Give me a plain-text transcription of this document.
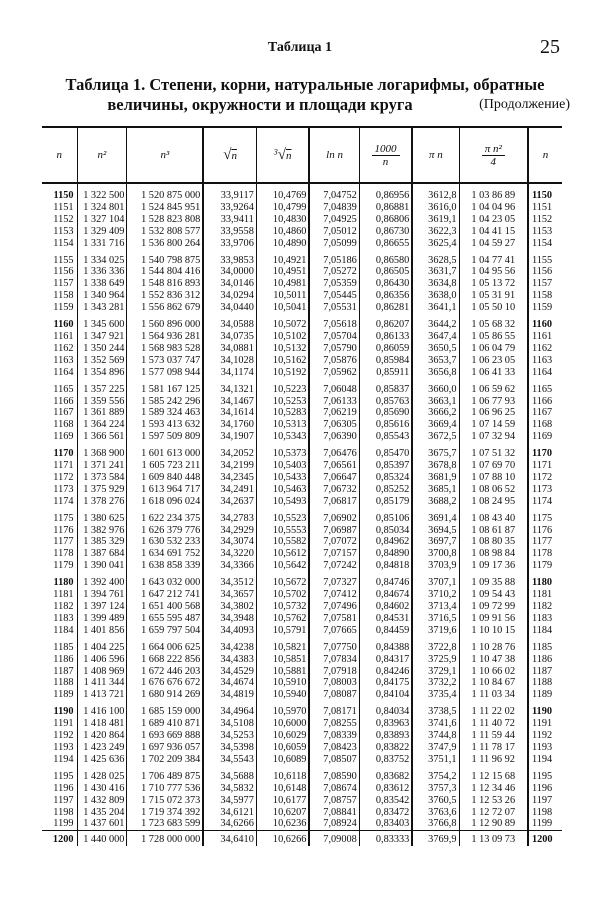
Таблица 1	25
Таблица 1. Степени, корни, натуральные логарифмы, обратные
величины, окружности и площади круга	(Продолжение)
n	n²	n³	√n	$^3$√n	ln n	$\frac{1000}{n}$	π n	$\frac{\text{π n²}}{4}$	n
1150	1 322 500	1 520 875 000	33,9117	10,4769	7,04752	0,86956	3612,8	1 03 86 89	1150
1151	1 324 801	1 524 845 951	33,9264	10,4799	7,04839	0,86881	3616,0	1 04 04 96	1151
1152	1 327 104	1 528 823 808	33,9411	10,4830	7,04925	0,86806	3619,1	1 04 23 05	1152
1153	1 329 409	1 532 808 577	33,9558	10,4860	7,05012	0,86730	3622,3	1 04 41 15	1153
1154	1 331 716	1 536 800 264	33,9706	10,4890	7,05099	0,86655	3625,4	1 04 59 27	1154
1155	1 334 025	1 540 798 875	33,9853	10,4921	7,05186	0,86580	3628,5	1 04 77 41	1155
1156	1 336 336	1 544 804 416	34,0000	10,4951	7,05272	0,86505	3631,7	1 04 95 56	1156
1157	1 338 649	1 548 816 893	34,0146	10,4981	7,05359	0,86430	3634,8	1 05 13 72	1157
1158	1 340 964	1 552 836 312	34,0294	10,5011	7,05445	0,86356	3638,0	1 05 31 91	1158
1159	1 343 281	1 556 862 679	34,0440	10,5041	7,05531	0,86281	3641,1	1 05 50 10	1159
1160	1 345 600	1 560 896 000	34,0588	10,5072	7,05618	0,86207	3644,2	1 05 68 32	1160
1161	1 347 921	1 564 936 281	34,0735	10,5102	7,05704	0,86133	3647,4	1 05 86 55	1161
1162	1 350 244	1 568 983 528	34,0881	10,5132	7,05790	0,86059	3650,5	1 06 04 79	1162
1163	1 352 569	1 573 037 747	34,1028	10,5162	7,05876	0,85984	3653,7	1 06 23 05	1163
1164	1 354 896	1 577 098 944	34,1174	10,5192	7,05962	0,85911	3656,8	1 06 41 33	1164
1165	1 357 225	1 581 167 125	34,1321	10,5223	7,06048	0,85837	3660,0	1 06 59 62	1165
1166	1 359 556	1 585 242 296	34,1467	10,5253	7,06133	0,85763	3663,1	1 06 77 93	1166
1167	1 361 889	1 589 324 463	34,1614	10,5283	7,06219	0,85690	3666,2	1 06 96 25	1167
1168	1 364 224	1 593 413 632	34,1760	10,5313	7,06305	0,85616	3669,4	1 07 14 59	1168
1169	1 366 561	1 597 509 809	34,1907	10,5343	7,06390	0,85543	3672,5	1 07 32 94	1169
1170	1 368 900	1 601 613 000	34,2052	10,5373	7,06476	0,85470	3675,7	1 07 51 32	1170
1171	1 371 241	1 605 723 211	34,2199	10,5403	7,06561	0,85397	3678,8	1 07 69 70	1171
1172	1 373 584	1 609 840 448	34,2345	10,5433	7,06647	0,85324	3681,9	1 07 88 10	1172
1173	1 375 929	1 613 964 717	34,2491	10,5463	7,06732	0,85252	3685,1	1 08 06 52	1173
1174	1 378 276	1 618 096 024	34,2637	10,5493	7,06817	0,85179	3688,2	1 08 24 95	1174
1175	1 380 625	1 622 234 375	34,2783	10,5523	7,06902	0,85106	3691,4	1 08 43 40	1175
1176	1 382 976	1 626 379 776	34,2929	10,5553	7,06987	0,85034	3694,5	1 08 61 87	1176
1177	1 385 329	1 630 532 233	34,3074	10,5582	7,07072	0,84962	3697,7	1 08 80 35	1177
1178	1 387 684	1 634 691 752	34,3220	10,5612	7,07157	0,84890	3700,8	1 08 98 84	1178
1179	1 390 041	1 638 858 339	34,3366	10,5642	7,07242	0,84818	3703,9	1 09 17 36	1179
1180	1 392 400	1 643 032 000	34,3512	10,5672	7,07327	0,84746	3707,1	1 09 35 88	1180
1181	1 394 761	1 647 212 741	34,3657	10,5702	7,07412	0,84674	3710,2	1 09 54 43	1181
1182	1 397 124	1 651 400 568	34,3802	10,5732	7,07496	0,84602	3713,4	1 09 72 99	1182
1183	1 399 489	1 655 595 487	34,3948	10,5762	7,07581	0,84531	3716,5	1 09 91 56	1183
1184	1 401 856	1 659 797 504	34,4093	10,5791	7,07665	0,84459	3719,6	1 10 10 15	1184
1185	1 404 225	1 664 006 625	34,4238	10,5821	7,07750	0,84388	3722,8	1 10 28 76	1185
1186	1 406 596	1 668 222 856	34,4383	10,5851	7,07834	0,84317	3725,9	1 10 47 38	1186
1187	1 408 969	1 672 446 203	34,4529	10,5881	7,07918	0,84246	3729,1	1 10 66 02	1187
1188	1 411 344	1 676 676 672	34,4674	10,5910	7,08003	0,84175	3732,2	1 10 84 67	1188
1189	1 413 721	1 680 914 269	34,4819	10,5940	7,08087	0,84104	3735,4	1 11 03 34	1189
1190	1 416 100	1 685 159 000	34,4964	10,5970	7,08171	0,84034	3738,5	1 11 22 02	1190
1191	1 418 481	1 689 410 871	34,5108	10,6000	7,08255	0,83963	3741,6	1 11 40 72	1191
1192	1 420 864	1 693 669 888	34,5253	10,6029	7,08339	0,83893	3744,8	1 11 59 44	1192
1193	1 423 249	1 697 936 057	34,5398	10,6059	7,08423	0,83822	3747,9	1 11 78 17	1193
1194	1 425 636	1 702 209 384	34,5543	10,6089	7,08507	0,83752	3751,1	1 11 96 92	1194
1195	1 428 025	1 706 489 875	34,5688	10,6118	7,08590	0,83682	3754,2	1 12 15 68	1195
1196	1 430 416	1 710 777 536	34,5832	10,6148	7,08674	0,83612	3757,3	1 12 34 46	1196
1197	1 432 809	1 715 072 373	34,5977	10,6177	7,08757	0,83542	3760,5	1 12 53 26	1197
1198	1 435 204	1 719 374 392	34,6121	10,6207	7,08841	0,83472	3763,6	1 12 72 07	1198
1199	1 437 601	1 723 683 599	34,6266	10,6236	7,08924	0,83403	3766,8	1 12 90 89	1199
1200	1 440 000	1 728 000 000	34,6410	10,6266	7,09008	0,83333	3769,9	1 13 09 73	1200
